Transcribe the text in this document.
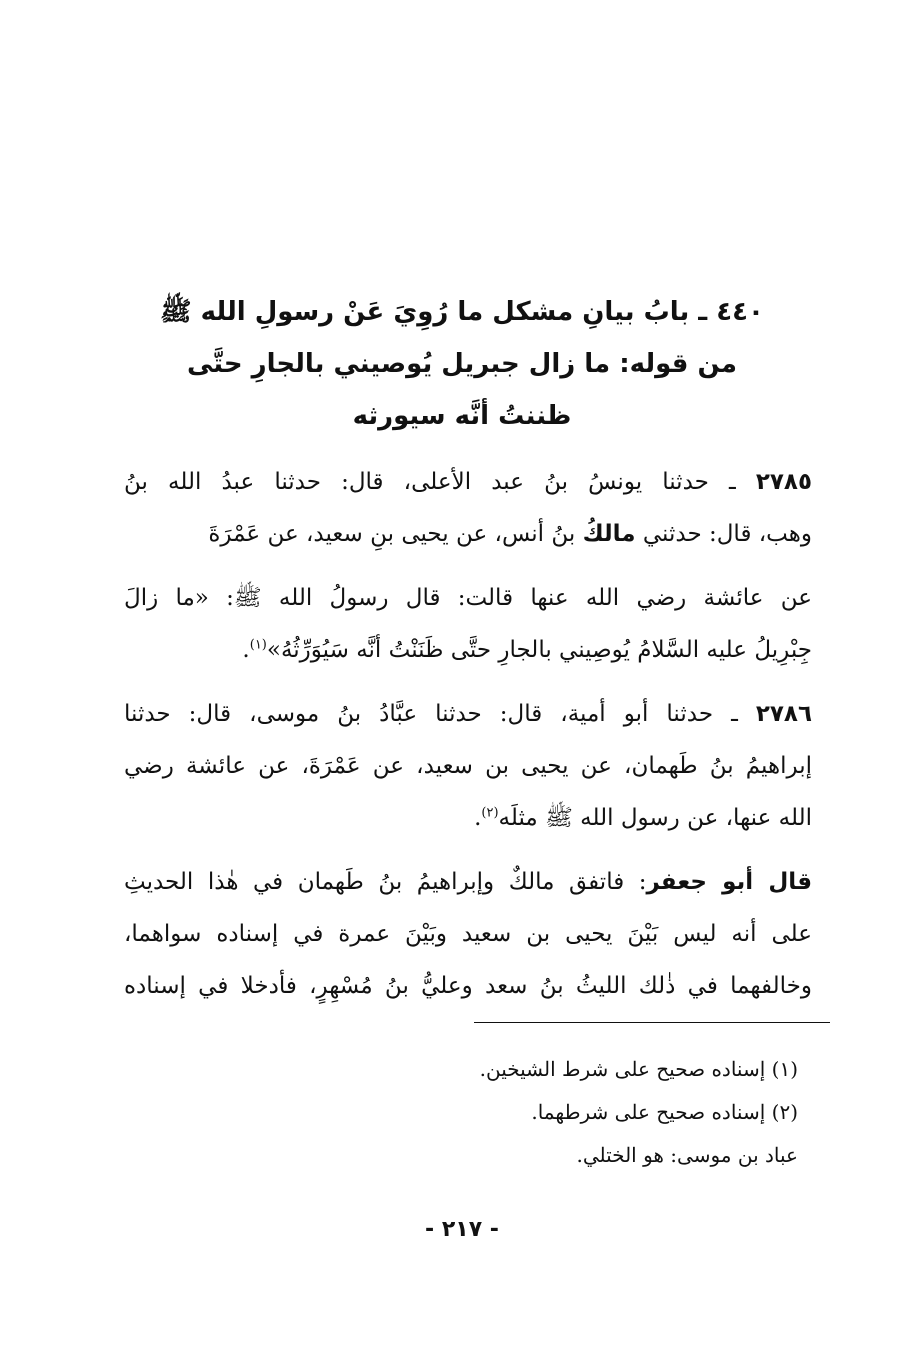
٤٤٠ ـ بابُ بيانِ مشكل ما رُوِيَ عَنْ رسولِ الله ﷺ
من قوله: ما زال جبريل يُوصيني بالجارِ حتَّى
ظننتُ أنَّه سيورثه
٢٧٨٥ ـ حدثنا يونسُ بنُ عبد الأعلى، قال: حدثنا عبدُ الله بنُ
وهب، قال: حدثني مالكُ بنُ أنس، عن يحيى بنِ سعيد، عن عَمْرَةَ
عن عائشة رضي الله عنها قالت: قال رسولُ الله ﷺ: «ما زالَ
جِبْرِيلُ عليه السَّلامُ يُوصِيني بالجارِ حتَّى ظَنَنْتُ أنَّه سَيُوَرِّثُهُ»$^{(١)}$.
٢٧٨٦ ـ حدثنا أبو أمية، قال: حدثنا عبَّادُ بنُ موسى، قال: حدثنا
إبراهيمُ بنُ طَهمان، عن يحيى بن سعيد، عن عَمْرَةَ، عن عائشة رضي
الله عنها، عن رسول الله ﷺ مثلَه$^{(٢)}$.
قال أبو جعفر: فاتفق مالكٌ وإبراهيمُ بنُ طَهمان في هٰذا الحديثِ
على أنه ليس بَيْنَ يحيى بن سعيد وبَيْنَ عمرة في إسناده سواهما،
وخالفهما في ذٰلك الليثُ بنُ سعد وعليُّ بنُ مُسْهِرٍ، فأدخلا في إسناده
(١) إسناده صحيح على شرط الشيخين.
(٢) إسناده صحيح على شرطهما.
عباد بن موسى: هو الختلي.
- ٢١٧ -
